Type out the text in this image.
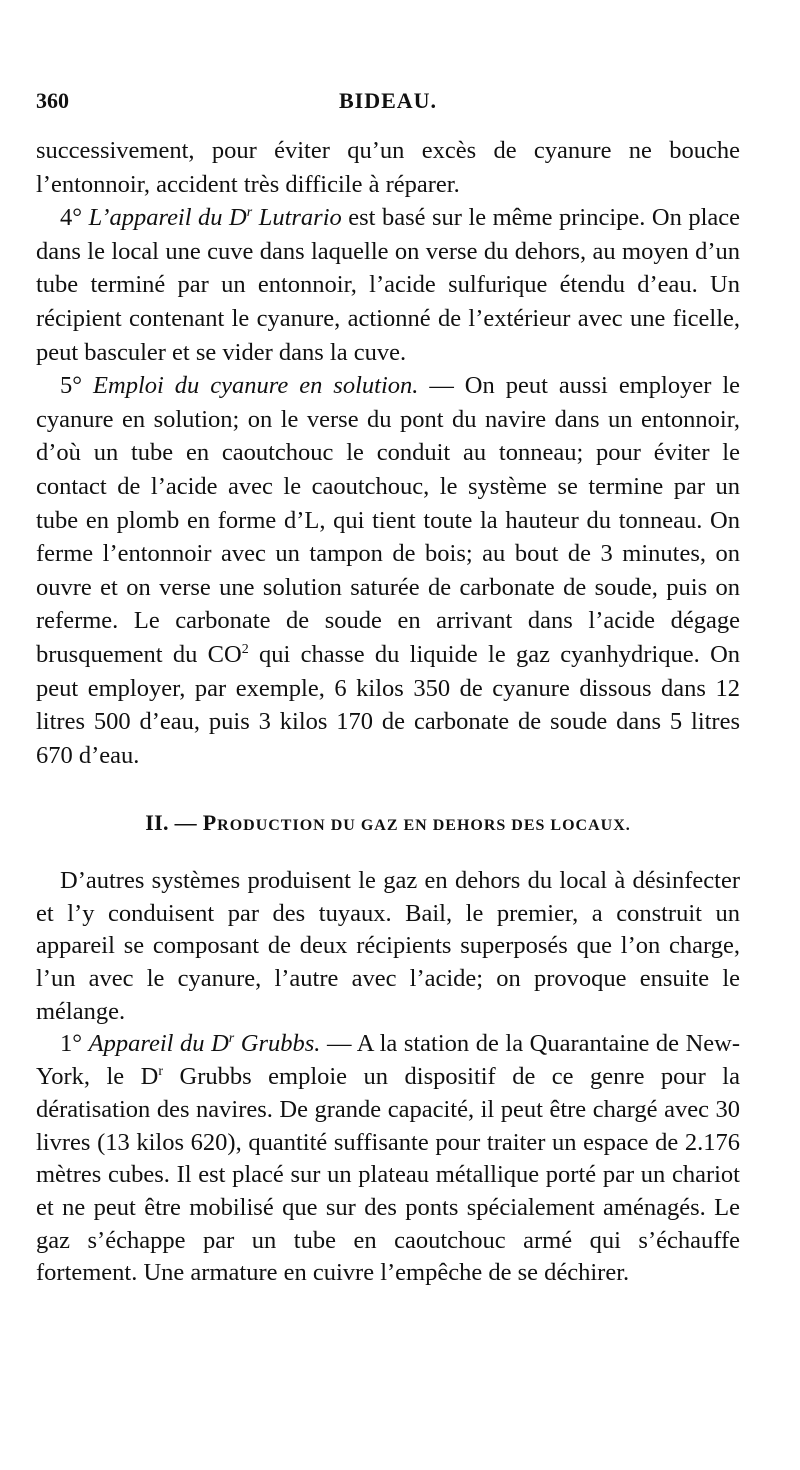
360	BIDEAU.

successivement, pour éviter qu’un excès de cyanure ne bouche l’entonnoir, accident très difficile à réparer.

4° L’appareil du $D^r$ Lutrario est basé sur le même principe. On place dans le local une cuve dans laquelle on verse du dehors, au moyen d’un tube terminé par un entonnoir, l’acide sulfurique étendu d’eau. Un récipient contenant le cyanure, actionné de l’extérieur avec une ficelle, peut basculer et se vider dans la cuve.

5° Emploi du cyanure en solution. — On peut aussi employer le cyanure en solution; on le verse du pont du navire dans un entonnoir, d’où un tube en caoutchouc le conduit au tonneau; pour éviter le contact de l’acide avec le caoutchouc, le système se termine par un tube en plomb en forme d’L, qui tient toute la hauteur du tonneau. On ferme l’entonnoir avec un tampon de bois; au bout de 3 minutes, on ouvre et on verse une solution saturée de carbonate de soude, puis on referme. Le carbonate de soude en arrivant dans l’acide dégage brusquement du $CO^2$ qui chasse du liquide le gaz cyanhydrique. On peut employer, par exemple, 6 kilos 350 de cyanure dissous dans 12 litres 500 d’eau, puis 3 kilos 170 de carbonate de soude dans 5 litres 670 d’eau.

II. — PRODUCTION DU GAZ EN DEHORS DES LOCAUX.

D’autres systèmes produisent le gaz en dehors du local à désinfecter et l’y conduisent par des tuyaux. Bail, le premier, a construit un appareil se composant de deux récipients superposés que l’on charge, l’un avec le cyanure, l’autre avec l’acide; on provoque ensuite le mélange.

1° Appareil du $D^r$ Grubbs. — A la station de la Quarantaine de New-York, le $D^r$ Grubbs emploie un dispositif de ce genre pour la dératisation des navires. De grande capacité, il peut être chargé avec 30 livres (13 kilos 620), quantité suffisante pour traiter un espace de 2.176 mètres cubes. Il est placé sur un plateau métallique porté par un chariot et ne peut être mobilisé que sur des ponts spécialement aménagés. Le gaz s’échappe par un tube en caoutchouc armé qui s’échauffe fortement. Une armature en cuivre l’empêche de se déchirer.
